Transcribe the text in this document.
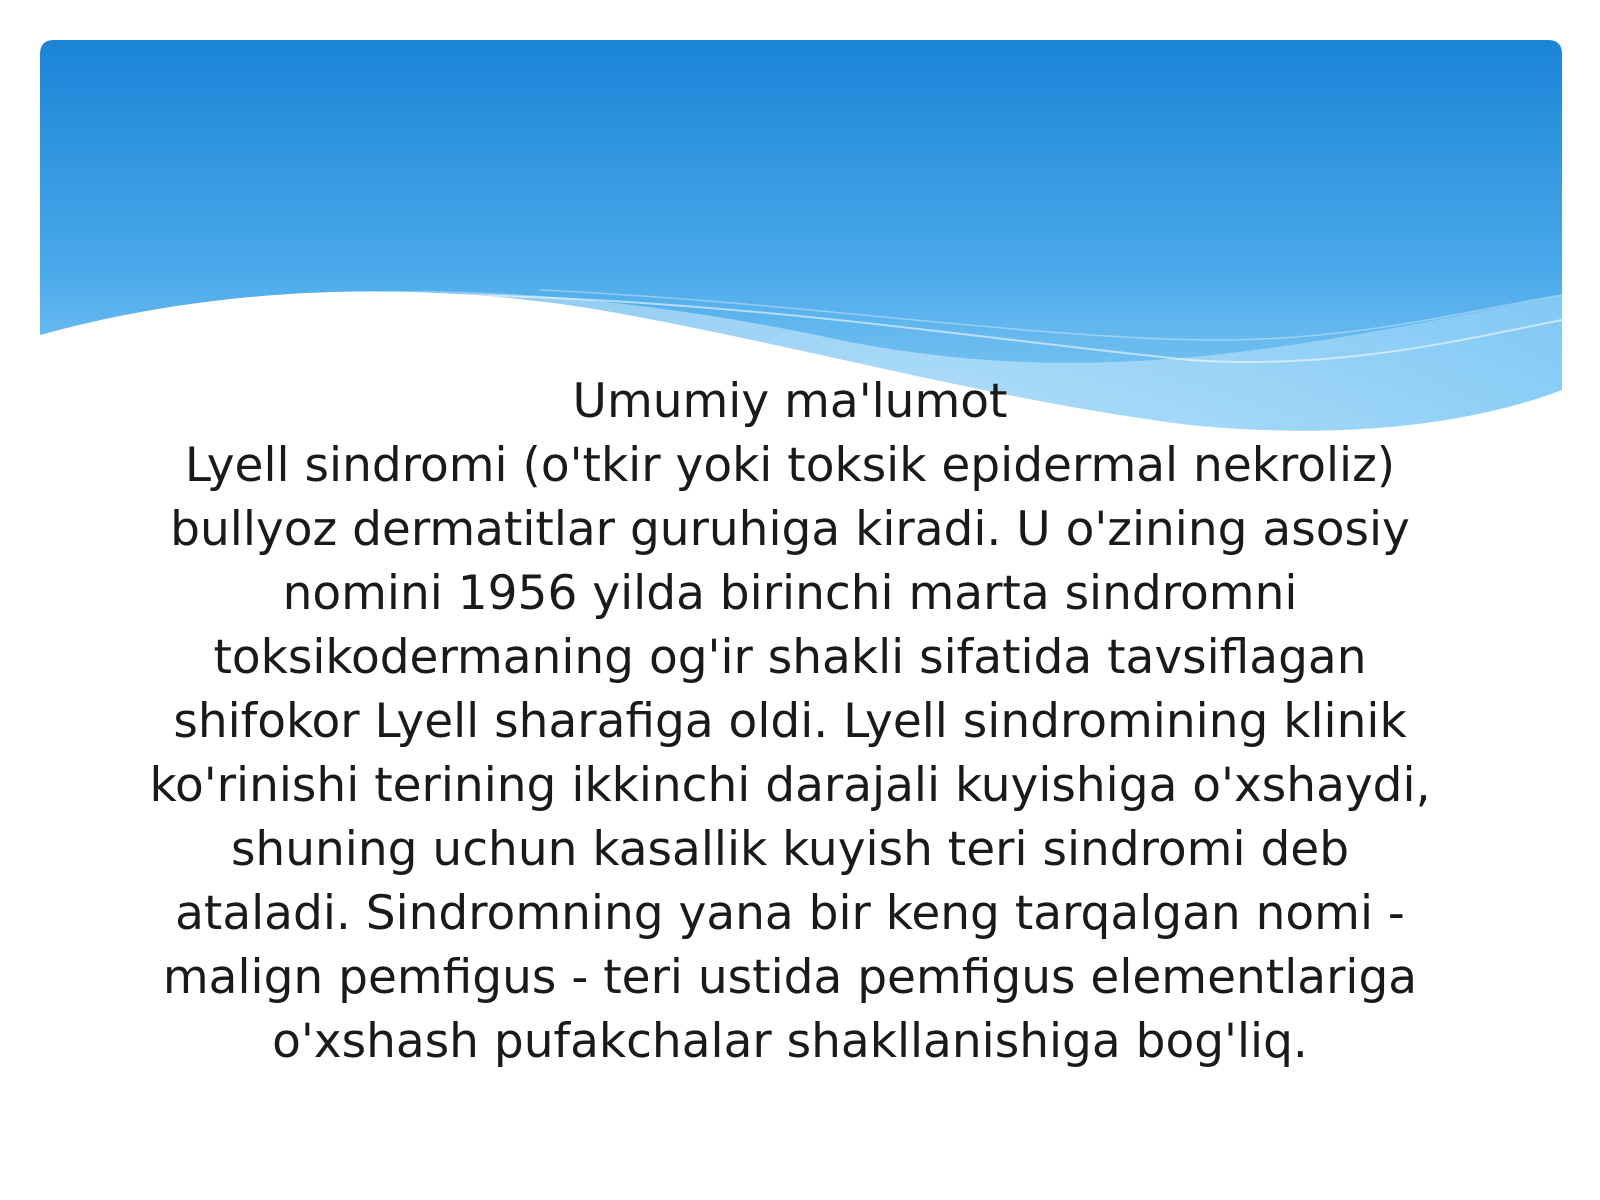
Umumiy ma'lumot

Lyell sindromi (o'tkir yoki toksik epidermal nekroliz) bullyoz dermatitlar guruhiga kiradi. U o'zining asosiy nomini 1956 yilda birinchi marta sindromni toksikodermaning og'ir shakli sifatida tavsiflagan shifokor Lyell sharafiga oldi. Lyell sindromining klinik ko'rinishi terining ikkinchi darajali kuyishiga o'xshaydi, shuning uchun kasallik kuyish teri sindromi deb ataladi. Sindromning yana bir keng tarqalgan nomi - malign pemfigus - teri ustida pemfigus elementlariga o'xshash pufakchalar shakllanishiga bog'liq.
